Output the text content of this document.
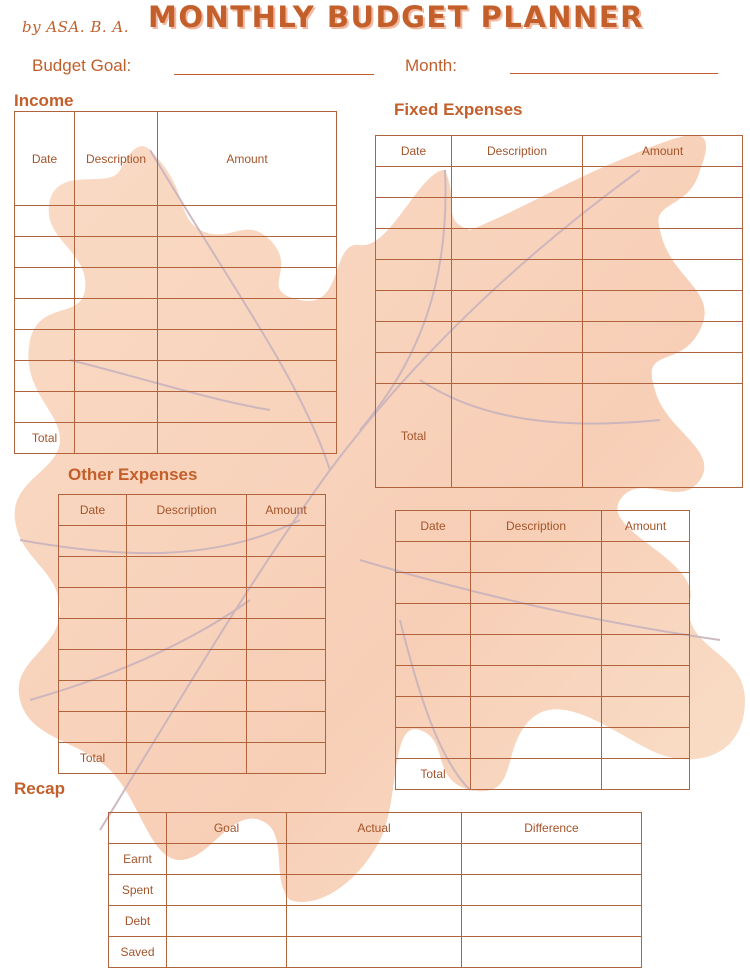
by ASA. B. A. MONTHLY BUDGET PLANNER
Budget Goal:	Month:
Income
Date	Description	Amount

Total		
Fixed Expenses
Date	Description	Amount

Total		
Other Expenses
Date	Description	Amount

Total		
Date	Description	Amount

Total		
Recap
	Goal	Actual	Difference
Earnt			
Spent			
Debt			
Saved			
